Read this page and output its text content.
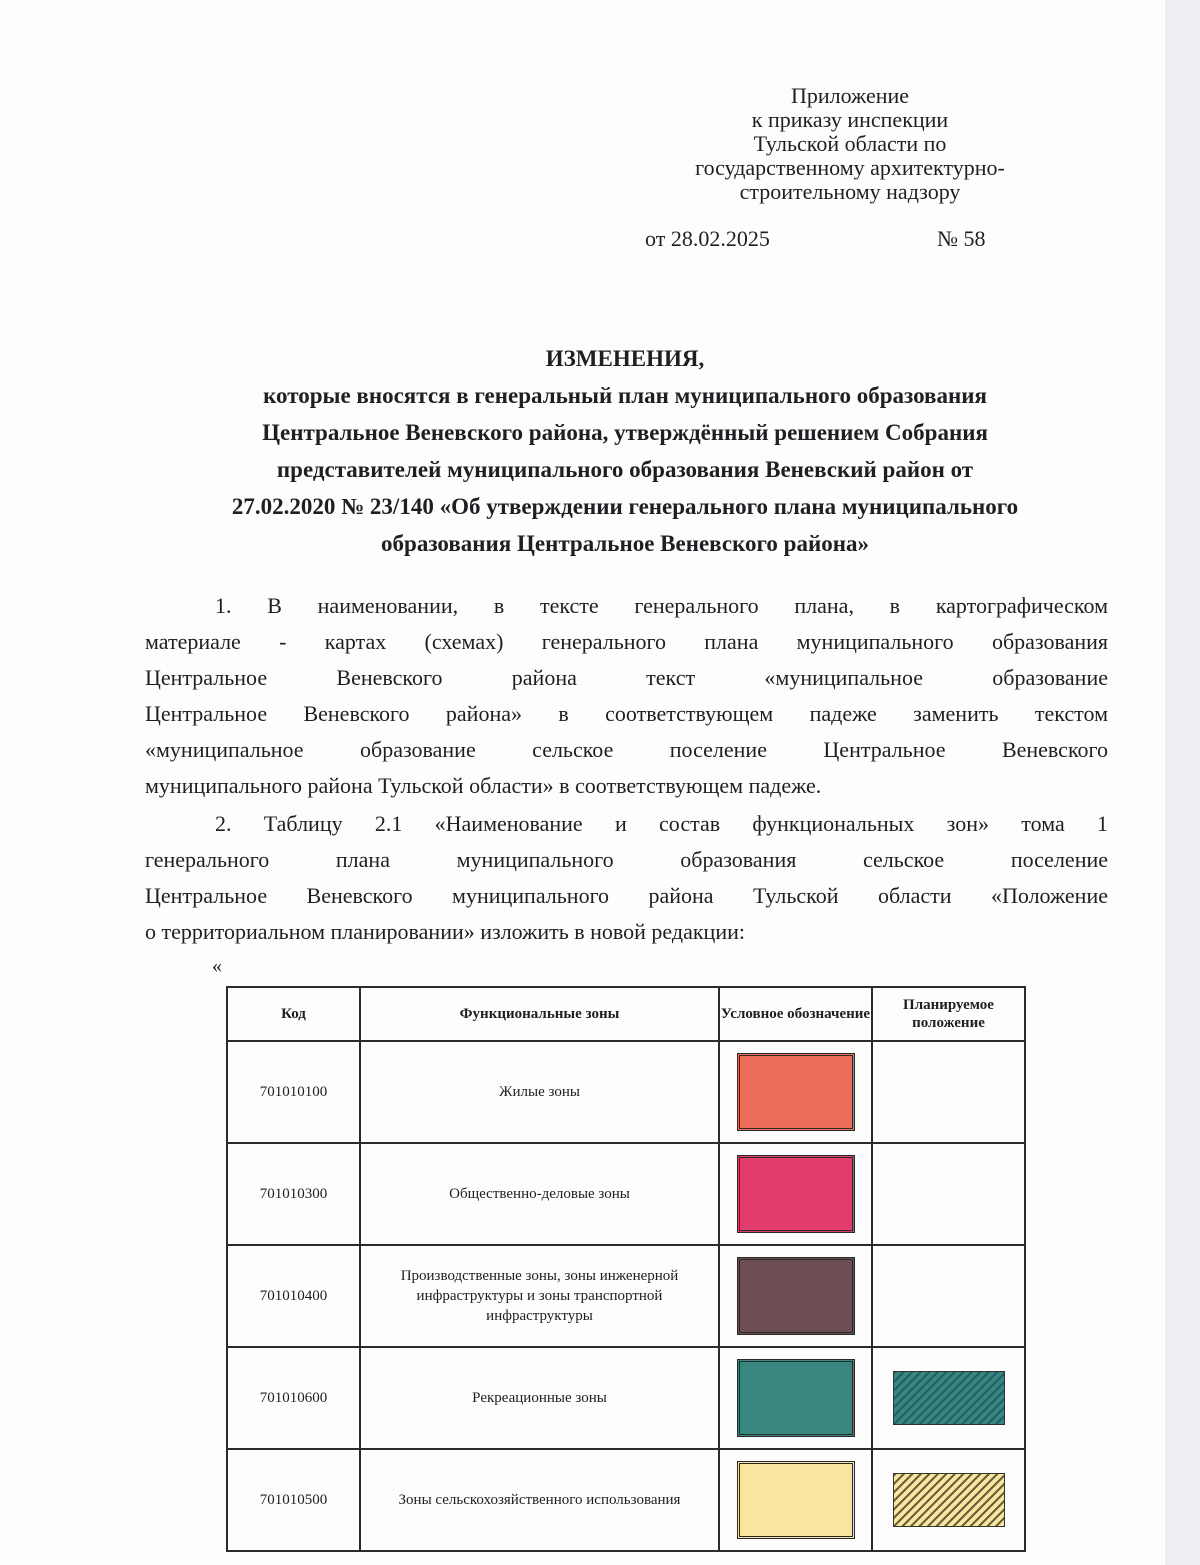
Приложение
к приказу инспекции
Тульской области по
государственному архитектурно-
строительному надзору
от 28.02.2025	№ 58
ИЗМЕНЕНИЯ,
которые вносятся в генеральный план муниципального образования
Центральное Веневского района, утверждённый решением Собрания
представителей муниципального образования Веневский район от
27.02.2020 № 23/140 «Об утверждении генерального плана муниципального
образования Центральное Веневского района»
1. В наименовании, в тексте генерального плана, в картографическом
материале - картах (схемах) генерального плана муниципального образования
Центральное Веневского района текст «муниципальное образование
Центральное Веневского района» в соответствующем падеже заменить текстом
«муниципальное образование сельское поселение Центральное Веневского
муниципального района Тульской области» в соответствующем падеже.
2. Таблицу 2.1 «Наименование и состав функциональных зон» тома 1
генерального плана муниципального образования сельское поселение
Центральное Веневского муниципального района Тульской области «Положение
о территориальном планировании» изложить в новой редакции:
«
Код	Функциональные зоны	Условное обозначение	Планируемое положение
701010100	Жилые зоны		

701010300	Общественно-деловые зоны		

701010400	Производственные зоны, зоны инженерной инфраструктуры и зоны транспортной инфраструктуры		

701010600	Рекреационные зоны		

701010500	Зоны сельскохозяйственного использования		
